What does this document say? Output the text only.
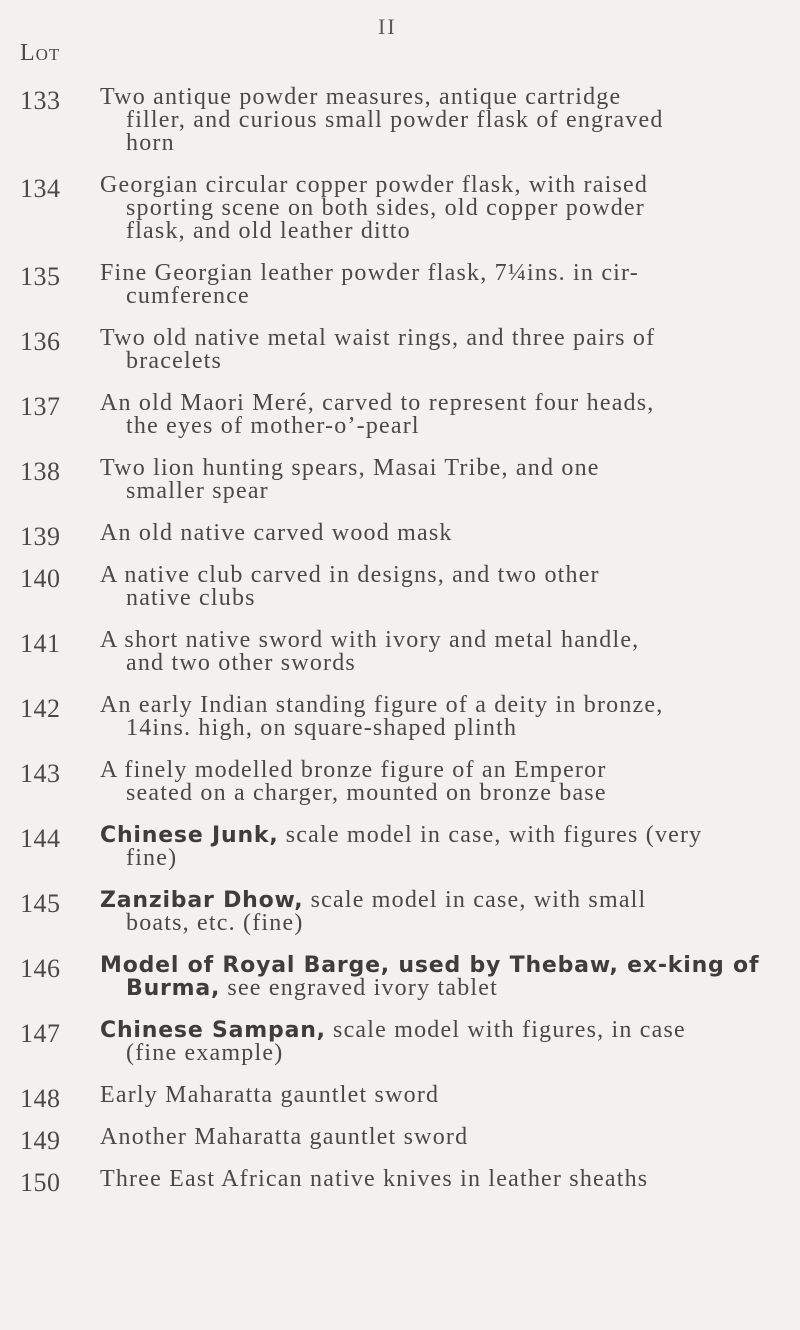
II
Lot
133 Two antique powder measures, antique cartridge
filler, and curious small powder flask of engraved
horn
134 Georgian circular copper powder flask, with raised
sporting scene on both sides, old copper powder
flask, and old leather ditto
135 Fine Georgian leather powder flask, 7¼ins. in cir-
cumference
136 Two old native metal waist rings, and three pairs of
bracelets
137 An old Maori Meré, carved to represent four heads,
the eyes of mother-o’-pearl
138 Two lion hunting spears, Masai Tribe, and one
smaller spear
139 An old native carved wood mask
140 A native club carved in designs, and two other
native clubs
141 A short native sword with ivory and metal handle,
and two other swords
142 An early Indian standing figure of a deity in bronze,
14ins. high, on square-shaped plinth
143 A finely modelled bronze figure of an Emperor
seated on a charger, mounted on bronze base
144 Chinese Junk, scale model in case, with figures (very
fine)
145 Zanzibar Dhow, scale model in case, with small
boats, etc. (fine)
146 Model of Royal Barge, used by Thebaw, ex-king of
Burma, see engraved ivory tablet
147 Chinese Sampan, scale model with figures, in case
(fine example)
148 Early Maharatta gauntlet sword
149 Another Maharatta gauntlet sword
150 Three East African native knives in leather sheaths
